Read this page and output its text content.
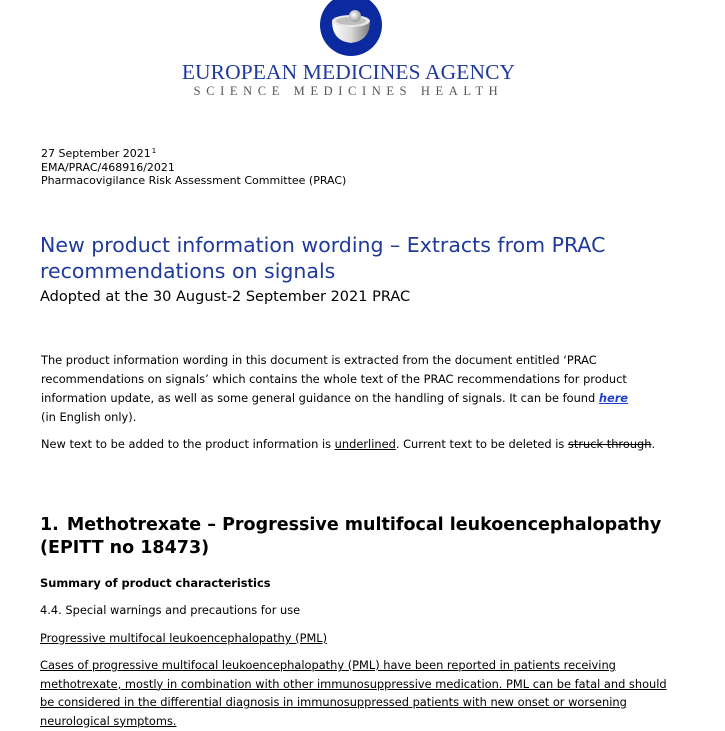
EUROPEAN MEDICINES AGENCY
SCIENCE MEDICINES HEALTH
27 September 2021$^1$
EMA/PRAC/468916/2021
Pharmacovigilance Risk Assessment Committee (PRAC)
New product information wording – Extracts from PRAC recommendations on signals
Adopted at the 30 August-2 September 2021 PRAC

The product information wording in this document is extracted from the document entitled ‘PRAC recommendations on signals’ which contains the whole text of the PRAC recommendations for product information update, as well as some general guidance on the handling of signals. It can be found here
(in English only).

New text to be added to the product information is underlined. Current text to be deleted is struck through.

1. Methotrexate – Progressive multifocal leukoencephalopathy (EPITT no 18473)
Summary of product characteristics
4.4. Special warnings and precautions for use
Progressive multifocal leukoencephalopathy (PML)

Cases of progressive multifocal leukoencephalopathy (PML) have been reported in patients receiving methotrexate, mostly in combination with other immunosuppressive medication. PML can be fatal and should be considered in the differential diagnosis in immunosuppressed patients with new onset or worsening neurological symptoms.
